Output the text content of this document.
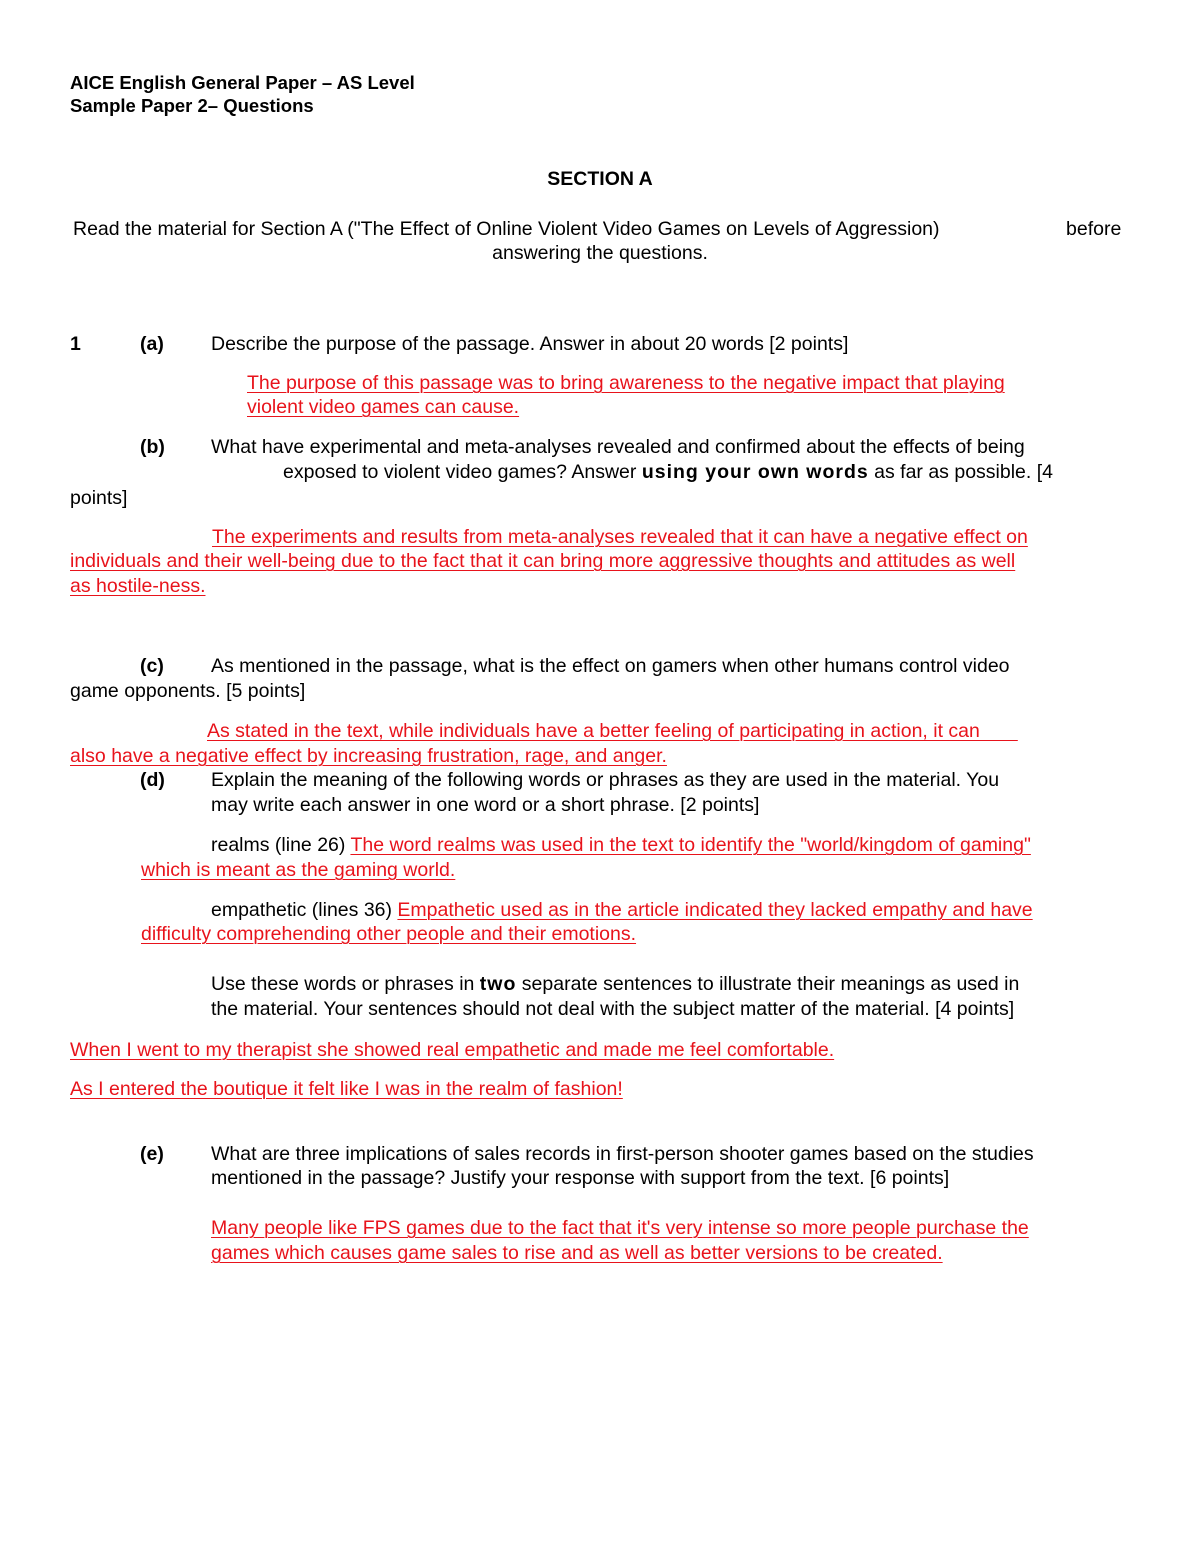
AICE English General Paper – AS Level
Sample Paper 2– Questions
SECTION A
Read the material for Section A ("The Effect of Online Violent Video Games on Levels of Aggression)	before
answering the questions.
1	(a) Describe the purpose of the passage. Answer in about 20 words [2 points]
The purpose of this passage was to bring awareness to the negative impact that playing
violent video games can cause.
(b) What have experimental and meta-analyses revealed and confirmed about the effects of being
exposed to violent video games? Answer using your own words as far as possible. [4
points]
The experiments and results from meta-analyses revealed that it can have a negative effect on
individuals and their well-being due to the fact that it can bring more aggressive thoughts and attitudes as well
as hostile-ness.
(c) As mentioned in the passage, what is the effect on gamers when other humans control video
game opponents. [5 points]
As stated in the text, while individuals have a better feeling of participating in action, it can
also have a negative effect by increasing frustration, rage, and anger.
(d) Explain the meaning of the following words or phrases as they are used in the material. You
may write each answer in one word or a short phrase. [2 points]
realms (line 26) The word realms was used in the text to identify the "world/kingdom of gaming"
which is meant as the gaming world.
empathetic (lines 36) Empathetic used as in the article indicated they lacked empathy and have
difficulty comprehending other people and their emotions.
Use these words or phrases in two separate sentences to illustrate their meanings as used in
the material. Your sentences should not deal with the subject matter of the material. [4 points]
When I went to my therapist she showed real empathetic and made me feel comfortable.
As I entered the boutique it felt like I was in the realm of fashion!
(e) What are three implications of sales records in first-person shooter games based on the studies
mentioned in the passage? Justify your response with support from the text. [6 points]
Many people like FPS games due to the fact that it's very intense so more people purchase the
games which causes game sales to rise and as well as better versions to be created.
